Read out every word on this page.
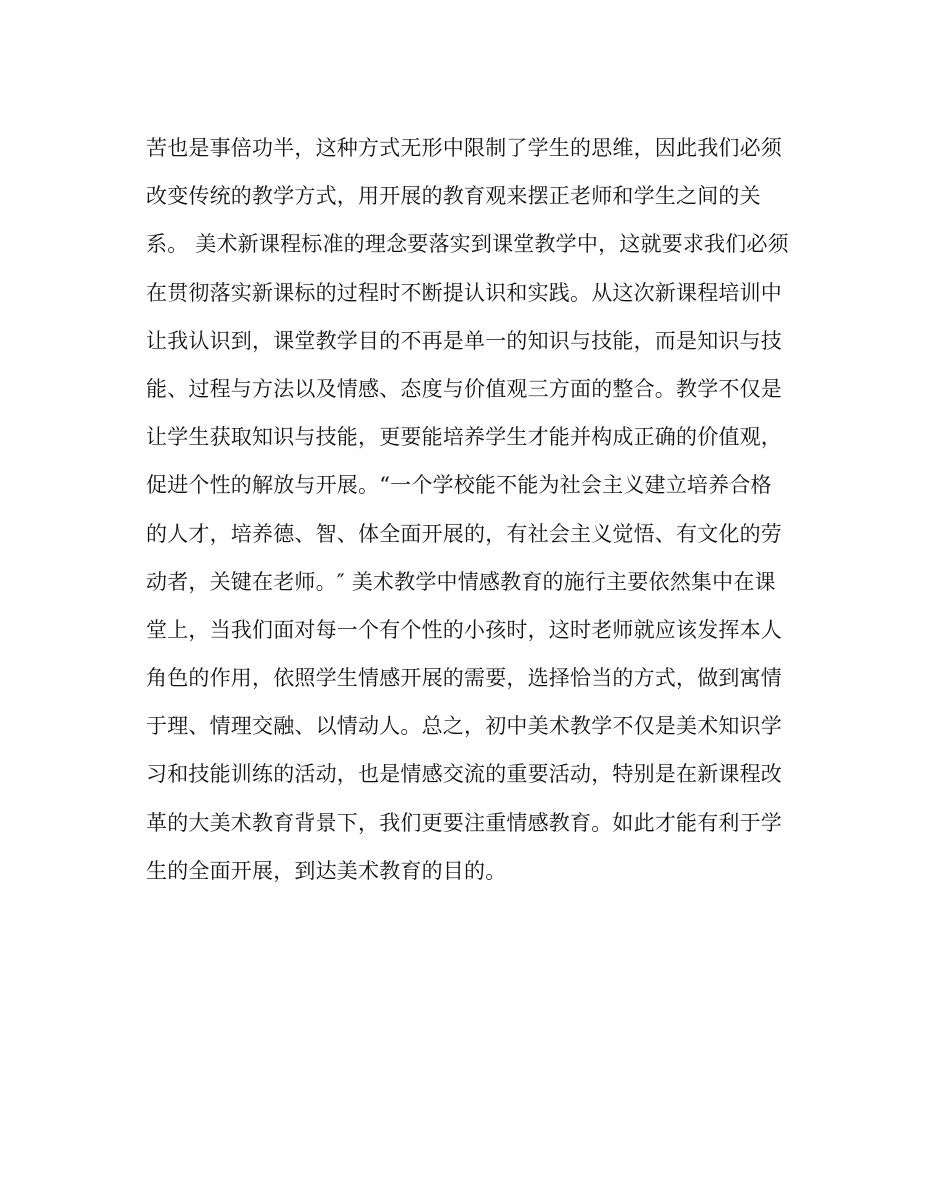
苦也是事倍功半，这种方式无形中限制了学生的思维，因此我们必须
改变传统的教学方式，用开展的教育观来摆正老师和学生之间的关
系。 美术新课程标准的理念要落实到课堂教学中，这就要求我们必须
在贯彻落实新课标的过程时不断提认识和实践。从这次新课程培训中
让我认识到，课堂教学目的不再是单一的知识与技能，而是知识与技
能、过程与方法以及情感、态度与价值观三方面的整合。教学不仅是
让学生获取知识与技能，更要能培养学生才能并构成正确的价值观，
促进个性的解放与开展。“一个学校能不能为社会主义建立培养合格
的人才，培养德、智、体全面开展的，有社会主义觉悟、有文化的劳
动者，关键在老师。″ 美术教学中情感教育的施行主要依然集中在课
堂上，当我们面对每一个有个性的小孩时，这时老师就应该发挥本人
角色的作用，依照学生情感开展的需要，选择恰当的方式，做到寓情
于理、情理交融、以情动人。总之，初中美术教学不仅是美术知识学
习和技能训练的活动，也是情感交流的重要活动，特别是在新课程改
革的大美术教育背景下，我们更要注重情感教育。如此才能有利于学
生的全面开展，到达美术教育的目的。
